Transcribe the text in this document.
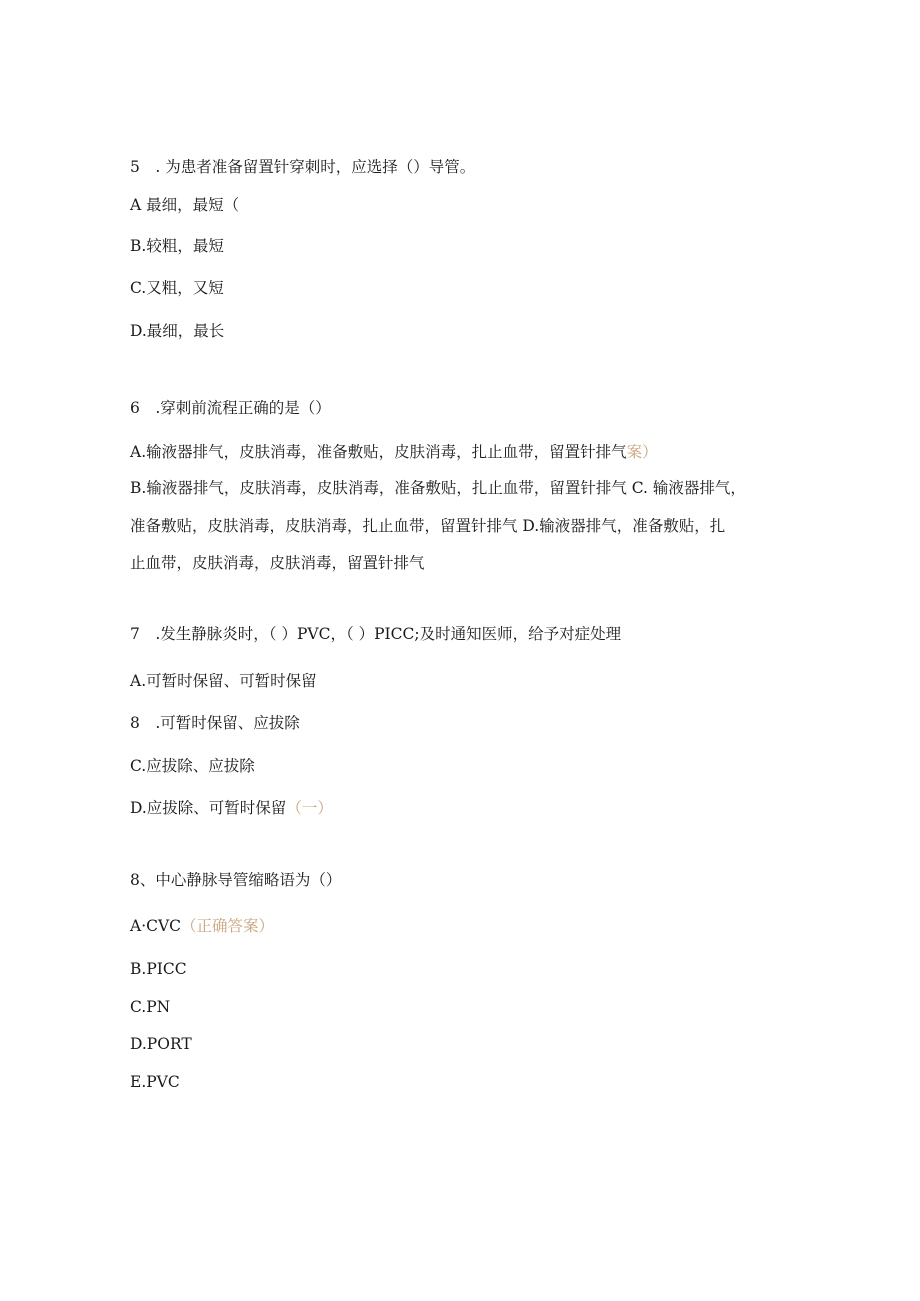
5　. 为患者准备留置针穿刺时，应选择（）导管。
A 最细，最短（
B.较粗，最短
C.又粗，又短
D.最细，最长
6　.穿刺前流程正确的是（）
A.输液器排气，皮肤消毒，准备敷贴，皮肤消毒，扎止血带，留置针排气案）
B.输液器排气，皮肤消毒，皮肤消毒，准备敷贴，扎止血带，留置针排气 C. 输液器排气，
准备敷贴，皮肤消毒，皮肤消毒，扎止血带，留置针排气 D.输液器排气，准备敷贴，扎
止血带，皮肤消毒，皮肤消毒，留置针排气
7　.发生静脉炎时，（ ）PVC，（ ）PICC;及时通知医师，给予对症处理
A.可暂时保留、可暂时保留
8　.可暂时保留、应拔除
C.应拔除、应拔除
D.应拔除、可暂时保留（一）
8、中心静脉导管缩略语为（）
A·CVC（正确答案）
B.PICC
C.PN
D.PORT
E.PVC
